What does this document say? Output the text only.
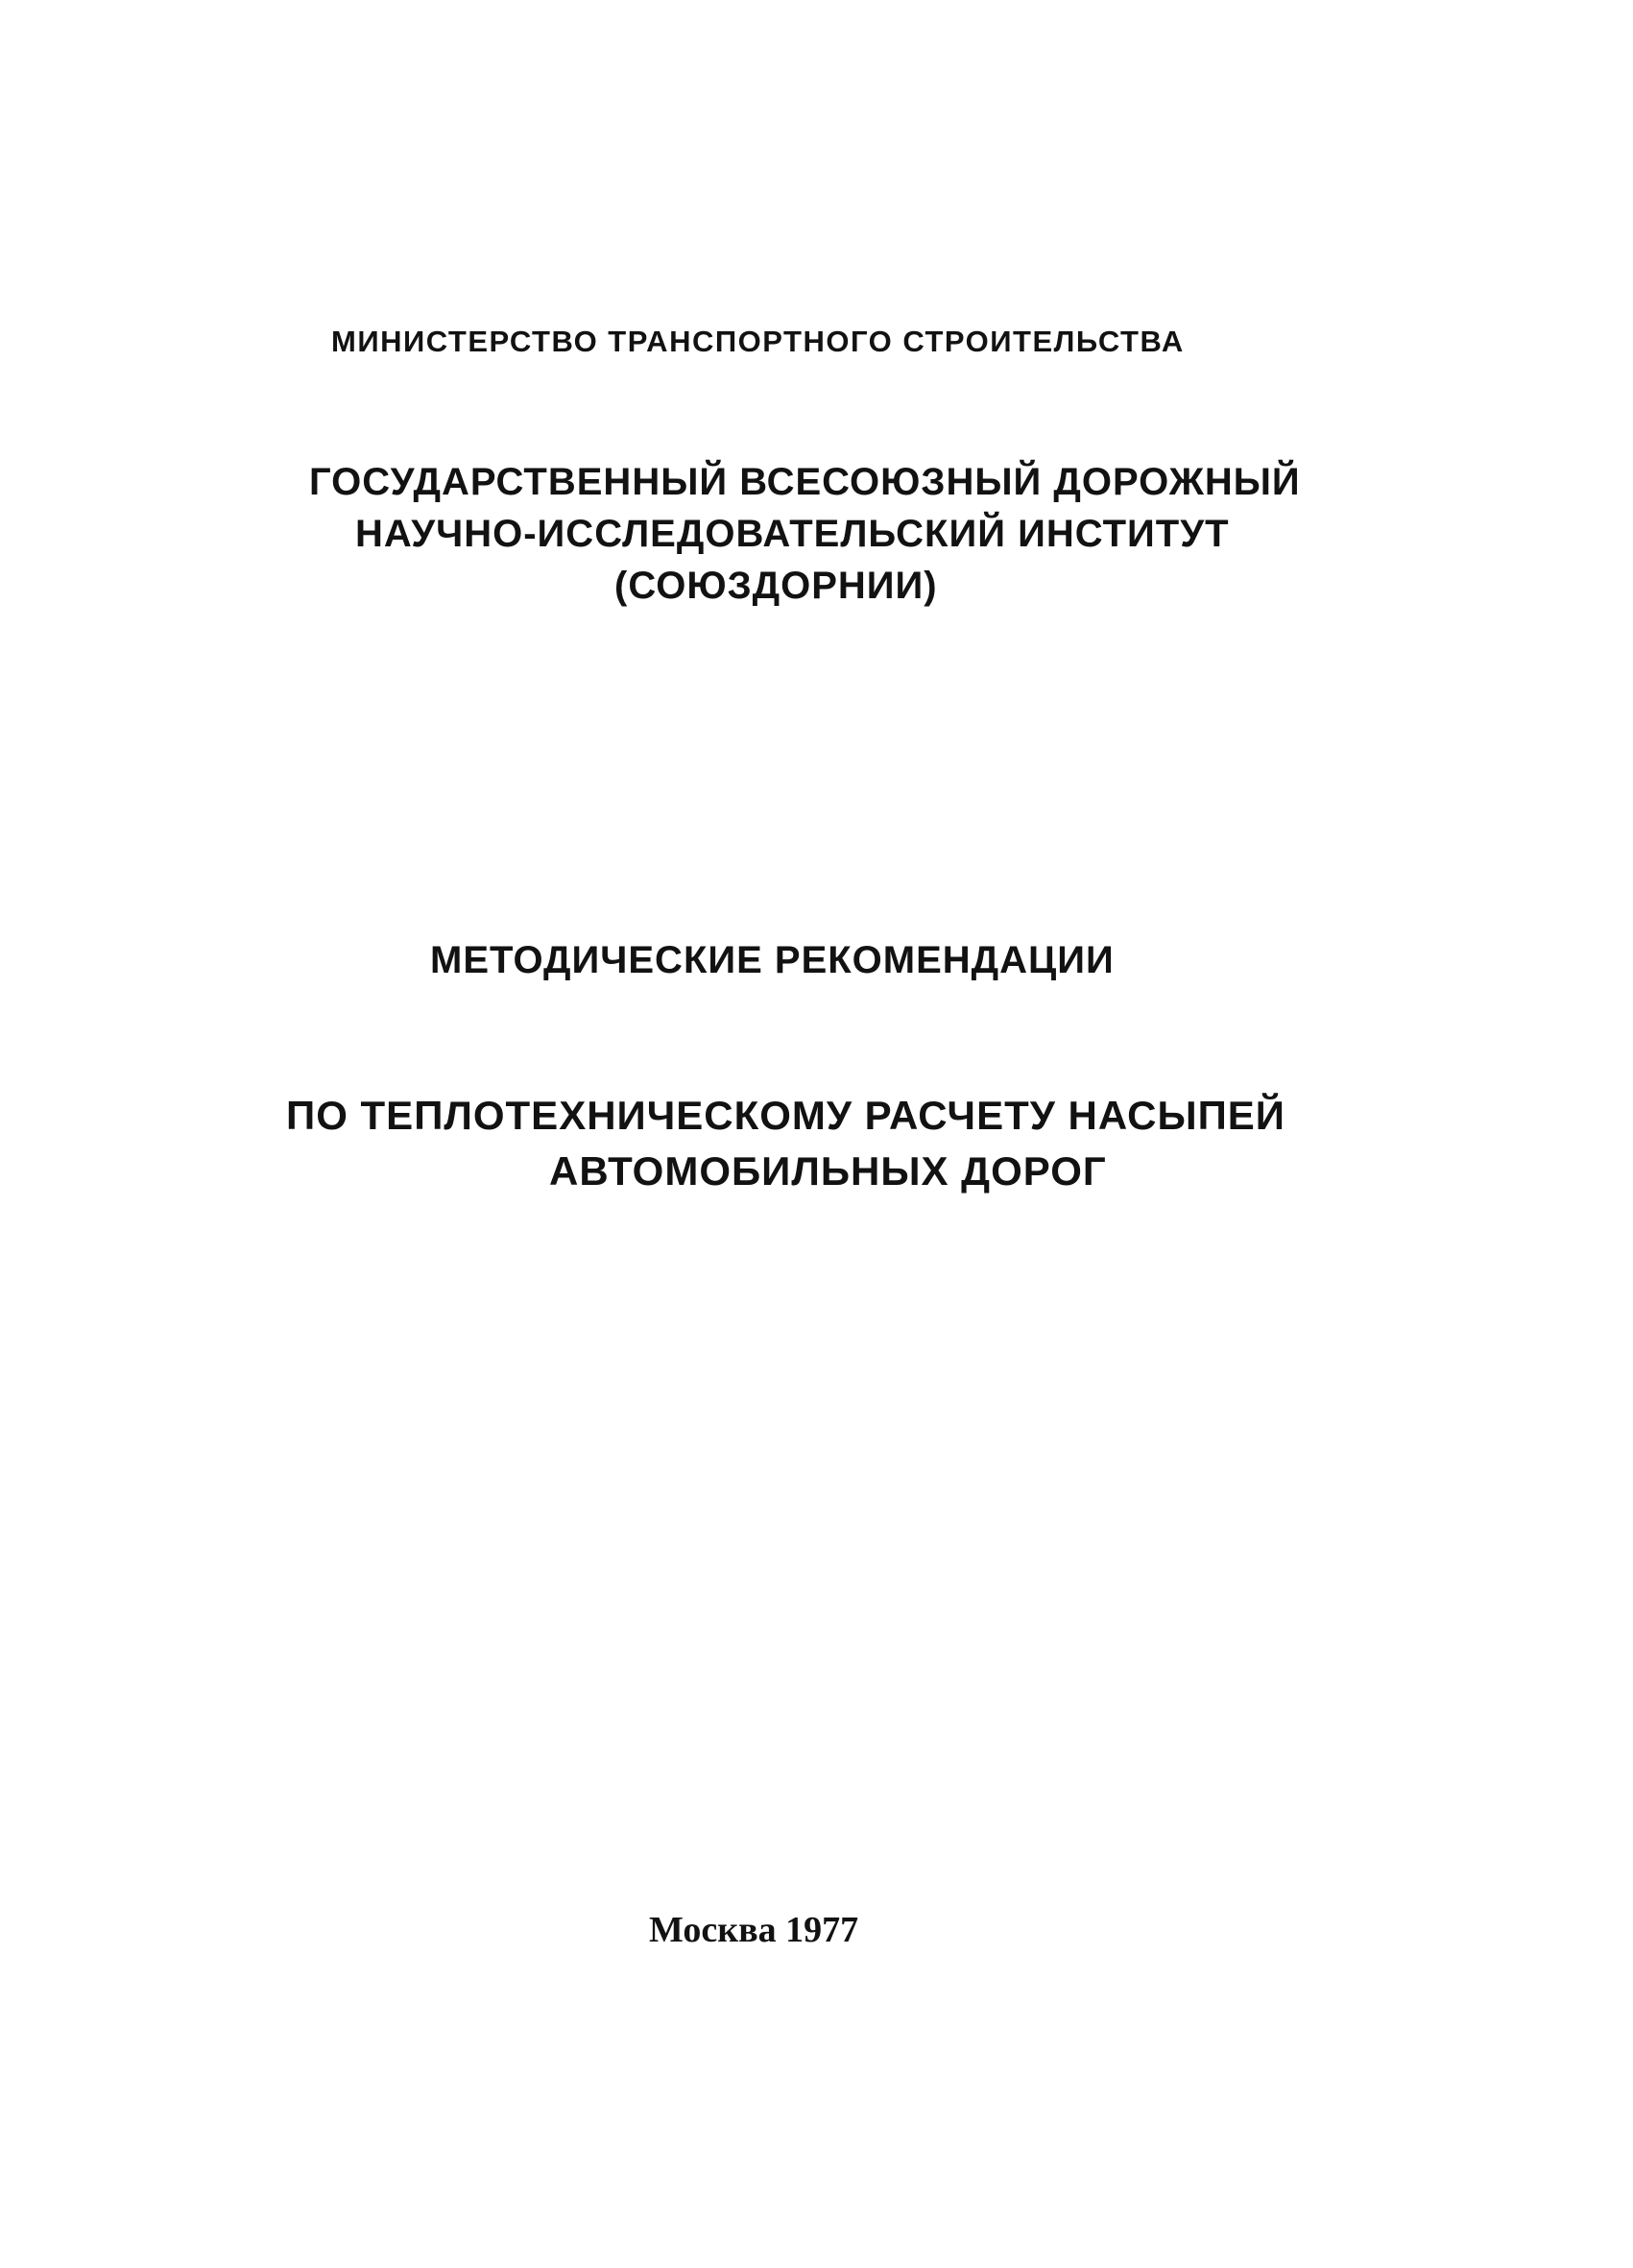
МИНИСТЕРСТВО ТРАНСПОРТНОГО СТРОИТЕЛЬСТВА
ГОСУДАРСТВЕННЫЙ ВСЕСОЮЗНЫЙ ДОРОЖНЫЙ
НАУЧНО-ИССЛЕДОВАТЕЛЬСКИЙ ИНСТИТУТ
(СОЮЗДОРНИИ)
МЕТОДИЧЕСКИЕ РЕКОМЕНДАЦИИ
ПО ТЕПЛОТЕХНИЧЕСКОМУ РАСЧЕТУ НАСЫПЕЙ
АВТОМОБИЛЬНЫХ ДОРОГ
Москва 1977
